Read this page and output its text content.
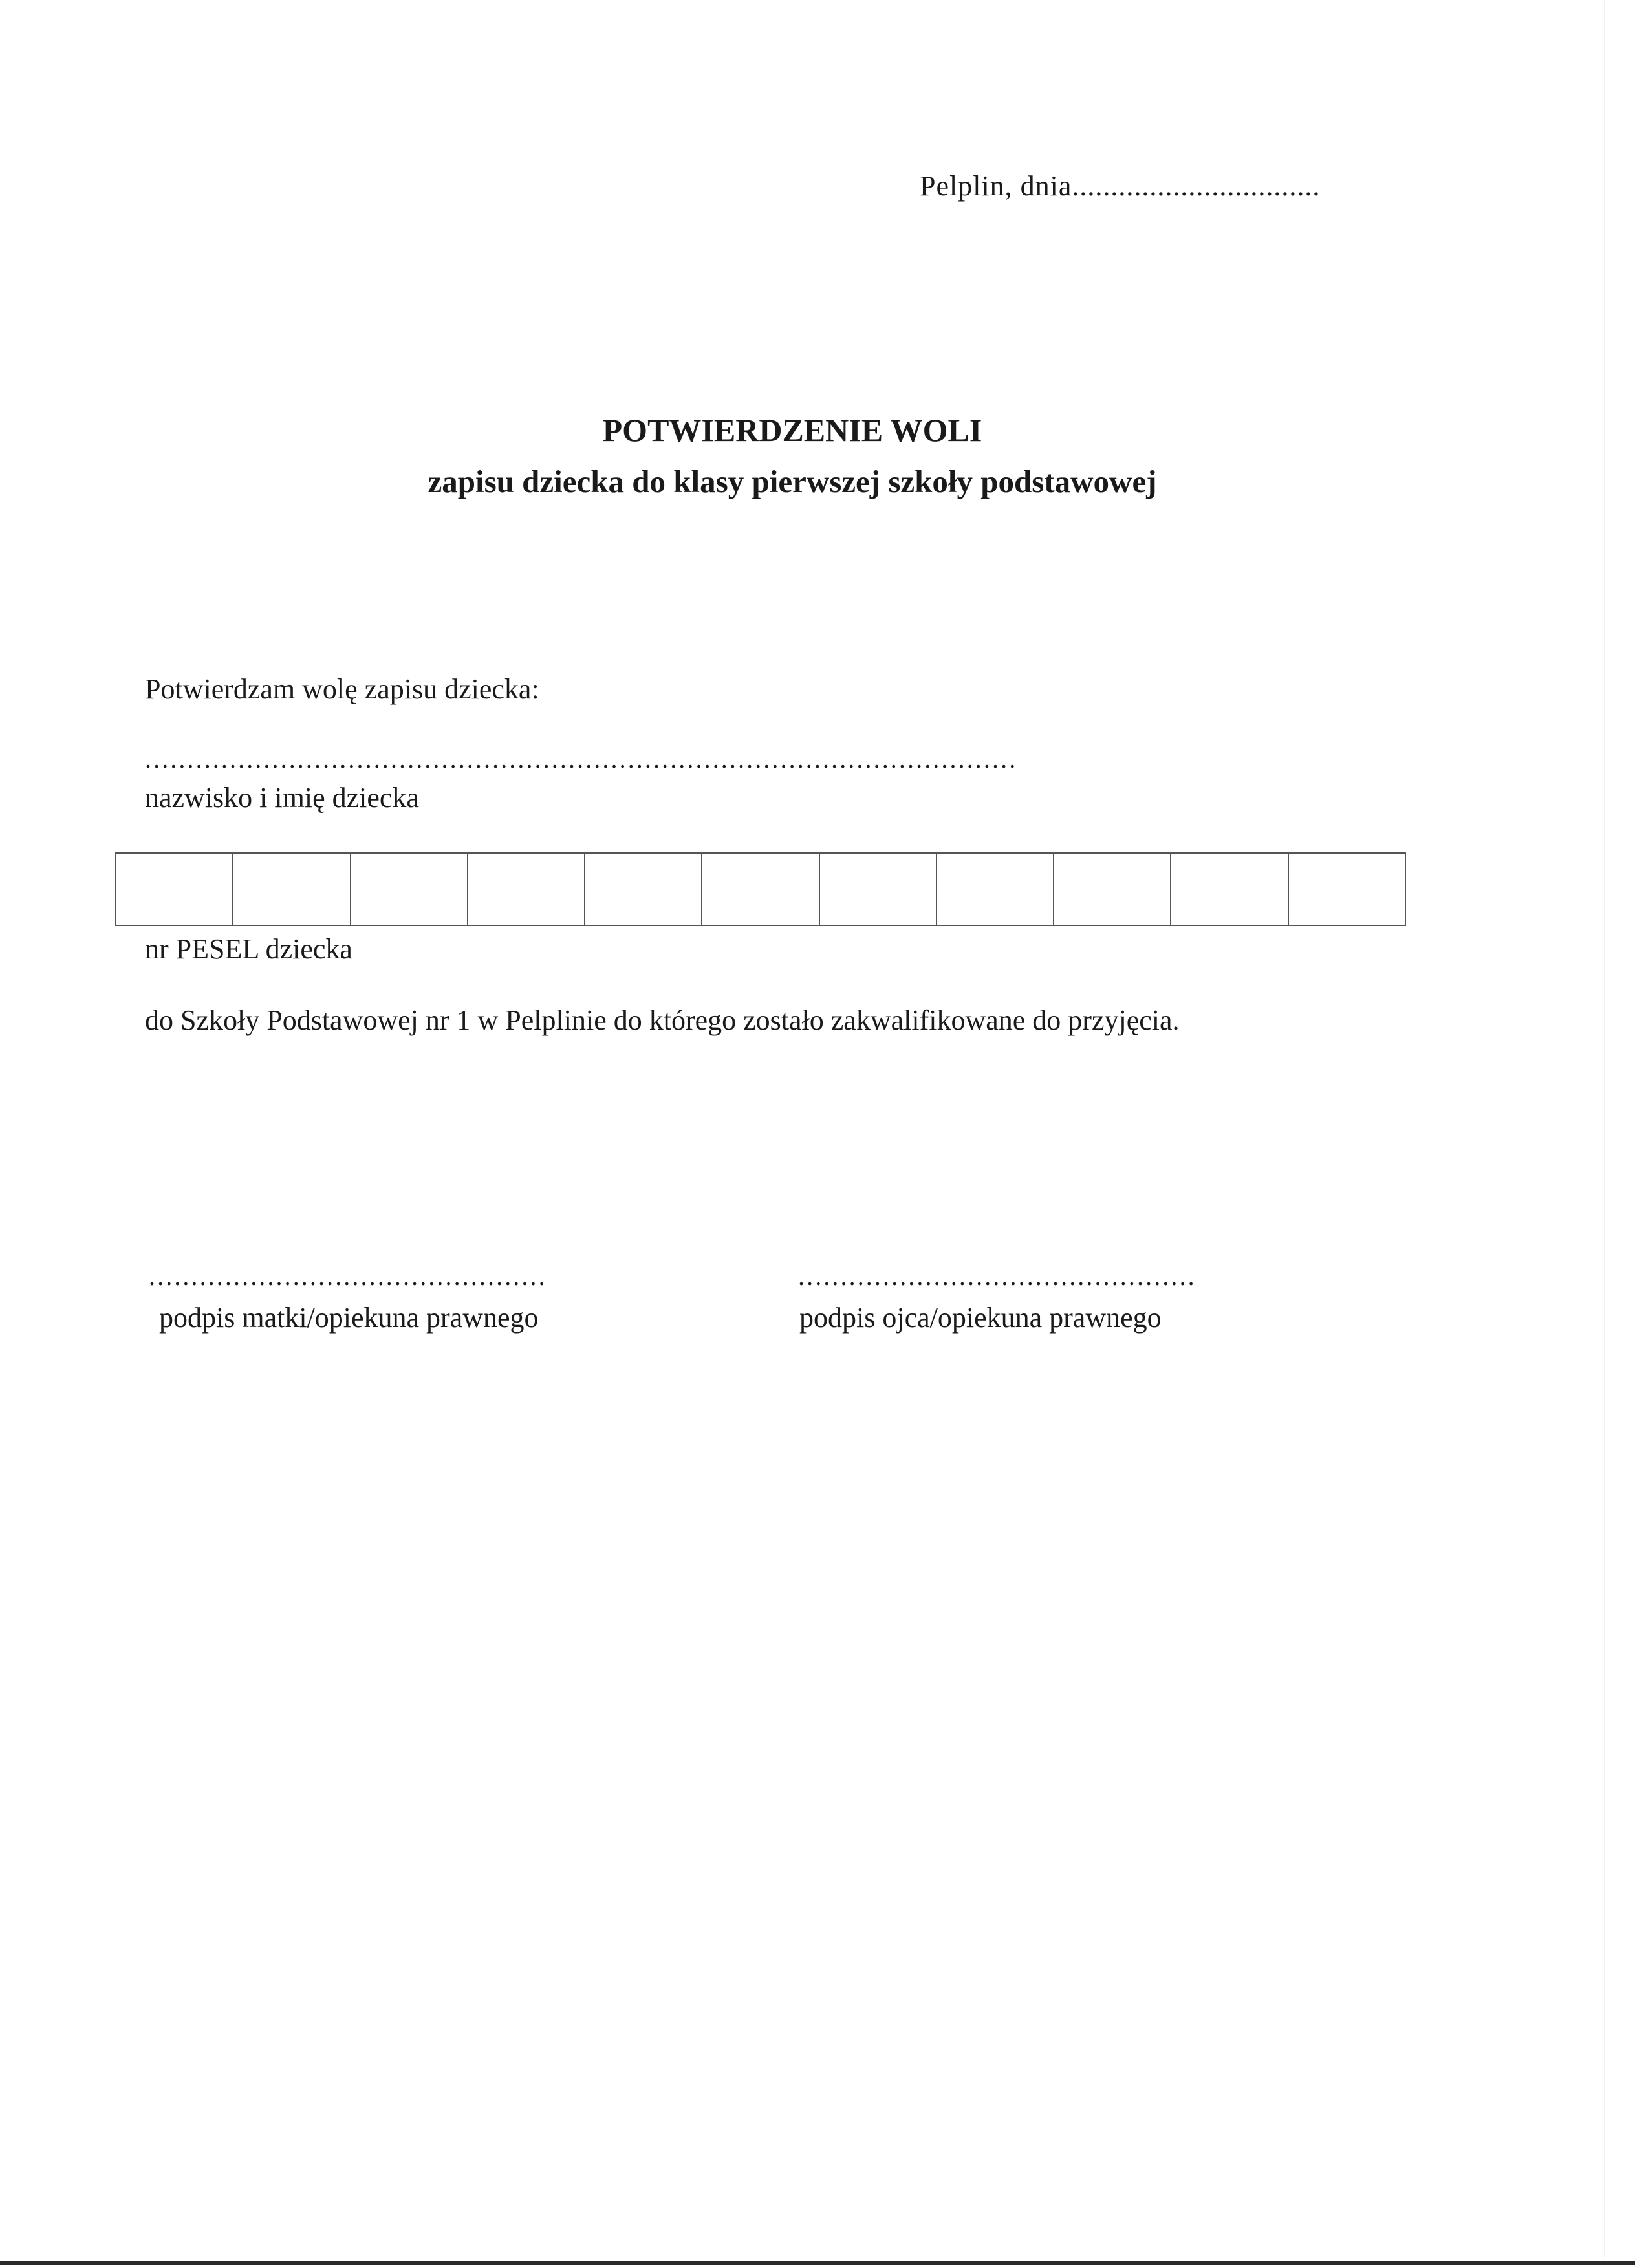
Pelplin, dnia................................
POTWIERDZENIE WOLI
zapisu dziecka do klasy pierwszej szkoły podstawowej
Potwierdzam wolę zapisu dziecka:
.......................................................................................................
nazwisko i imię dziecka
nr PESEL dziecka
do Szkoły Podstawowej nr 1 w Pelplinie do którego zostało zakwalifikowane do przyjęcia.
...............................................	...............................................
podpis matki/opiekuna prawnego	podpis ojca/opiekuna prawnego
